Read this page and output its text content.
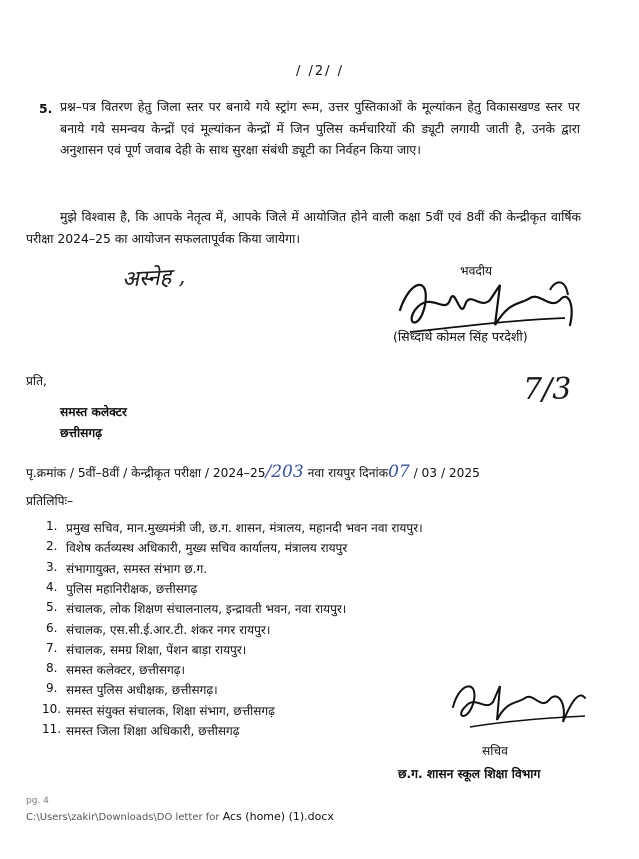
/ /2/ /
5. प्रश्न–पत्र वितरण हेतु जिला स्तर पर बनाये गये स्ट्रांग रूम, उत्तर पुस्तिकाओं के मूल्यांकन हेतु विकासखण्ड स्तर पर बनाये गये समन्वय केन्द्रों एवं मूल्यांकन केन्द्रों में जिन पुलिस कर्मचारियों की ड्यूटी लगायी जाती है, उनके द्वारा अनुशासन एवं पूर्ण जवाब देही के साथ सुरक्षा संबंधी ड्यूटी का निर्वहन किया जाए।
मुझे विश्वास है, कि आपके नेतृत्व में, आपके जिले में आयोजित होने वाली कक्षा 5वीं एवं 8वीं की केन्द्रीकृत वार्षिक परीक्षा 2024–25 का आयोजन सफलतापूर्वक किया जायेगा।
अस्नेह ,	भवदीय
(सिध्दार्थ कोमल सिंह परदेशी)
7/3
प्रति,
समस्त कलेक्टर
छत्तीसगढ़
पृ.क्रमांक / 5वीं–8वीं / केन्द्रीकृत परीक्षा / 2024–25/203 नवा रायपुर दिनांक07 / 03 / 2025
प्रतिलिपिः–
1. प्रमुख सचिव, मान.मुख्यमंत्री जी, छ.ग. शासन, मंत्रालय, महानदी भवन नवा रायपुर।
2. विशेष कर्तव्यस्थ अधिकारी, मुख्य सचिव कार्यालय, मंत्रालय रायपुर
3. संभागायुक्त, समस्त संभाग छ.ग.
4. पुलिस महानिरीक्षक, छत्तीसगढ़
5. संचालक, लोक शिक्षण संचालनालय, इन्द्रावती भवन, नवा रायपुर।
6. संचालक, एस.सी.ई.आर.टी. शंकर नगर रायपुर।
7. संचालक, समग्र शिक्षा, पेंशन बाड़ा रायपुर।
8. समस्त कलेक्टर, छत्तीसगढ़।
9. समस्त पुलिस अधीक्षक, छत्तीसगढ़।
10. समस्त संयुक्त संचालक, शिक्षा संभाग, छत्तीसगढ़
11. समस्त जिला शिक्षा अधिकारी, छत्तीसगढ़
सचिव
छ.ग. शासन स्कूल शिक्षा विभाग
pg. 4
C:\Users\zakir\Downloads\DO letter for Acs (home) (1).docx
